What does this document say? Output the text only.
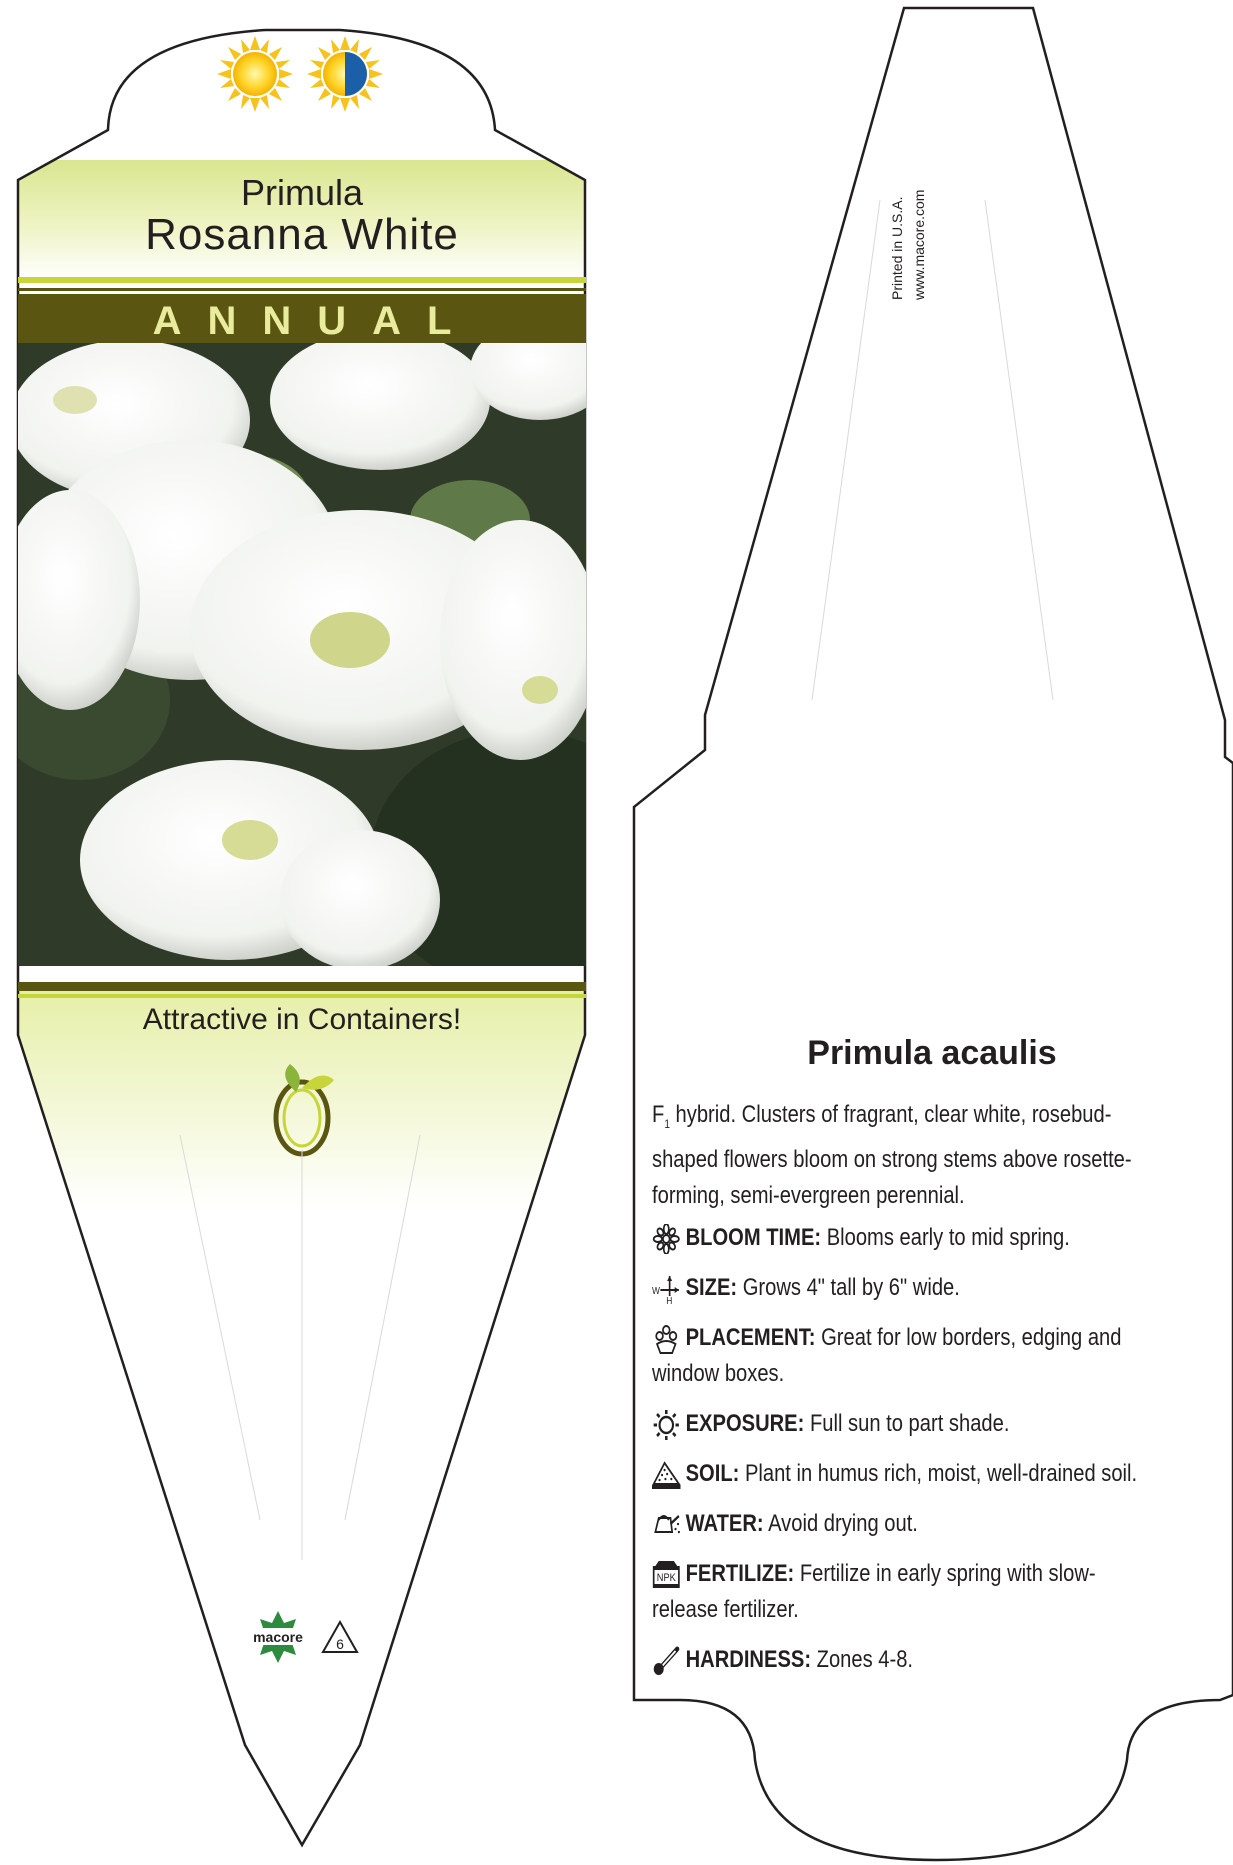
macore 6
Primula
Rosanna White
ANNUAL
Attractive in Containers!
Printed in U.S.A. www.macore.com
Primula acaulis
$F_1$ hybrid. Clusters of fragrant, clear white, rosebud-shaped flowers bloom on strong stems above rosette-forming, semi-evergreen perennial.
BLOOM TIME: Blooms early to mid spring.
W
H SIZE: Grows 4" tall by 6" wide.
PLACEMENT: Great for low borders, edging and window boxes.
EXPOSURE: Full sun to part shade.
SOIL: Plant in humus rich, moist, well-drained soil.
WATER: Avoid drying out.
NPK FERTILIZE: Fertilize in early spring with slow-release fertilizer.
HARDINESS: Zones 4-8.
